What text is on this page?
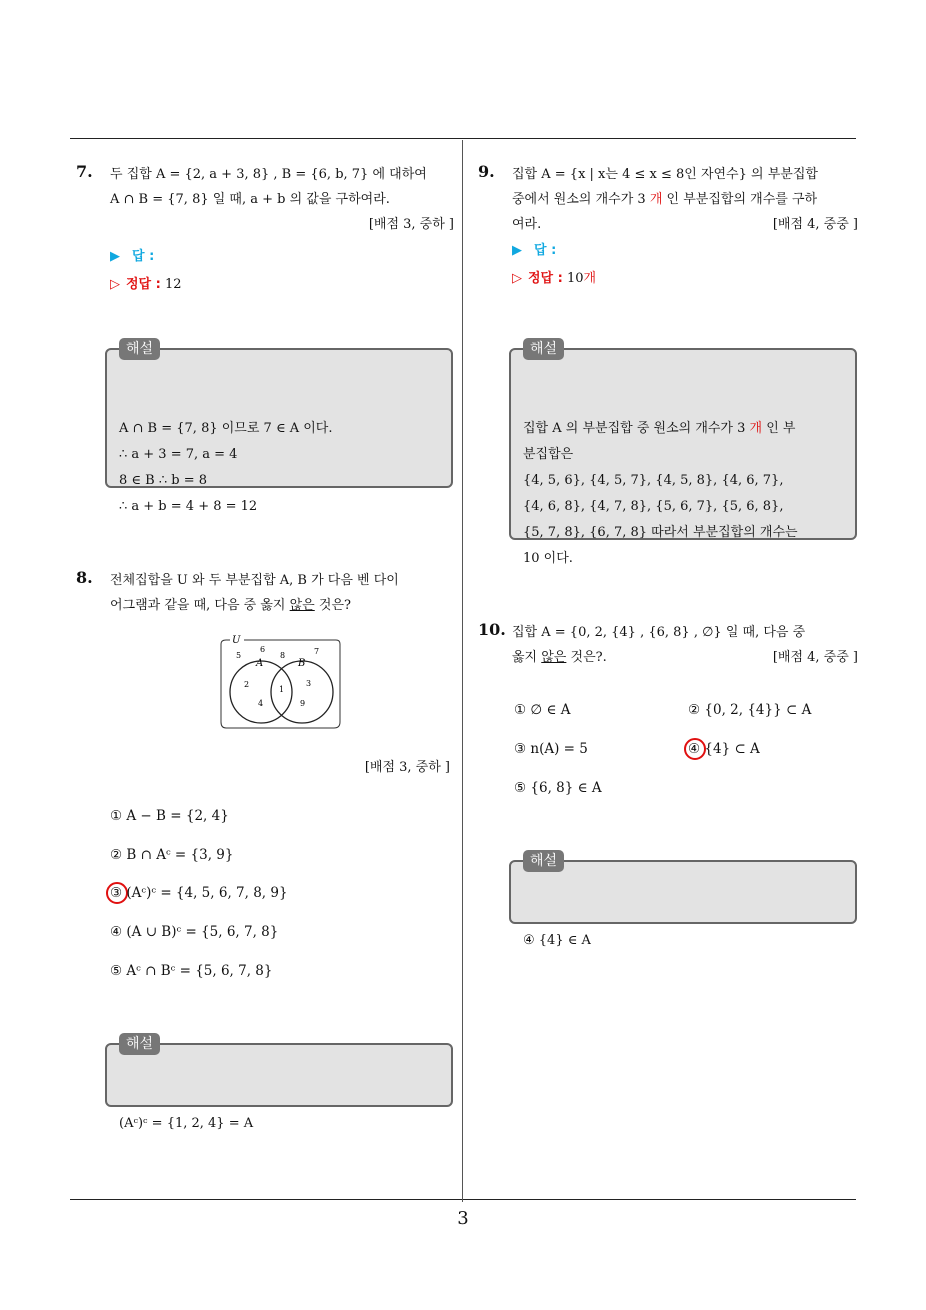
7. 두 집합 A = {2, a + 3, 8} , B = {6, b, 7} 에 대하여
A ∩ B = {7, 8} 일 때, a + b 의 값을 구하여라.
[배점 3, 중하 ]
▶ 답 :
▷ 정답 : 12

해설

A ∩ B = {7, 8} 이므로 7 ∈ A 이다.
∴ a + 3 = 7, a = 4
8 ∈ B ∴ b = 8
∴ a + b = 4 + 8 = 12

8. 전체집합을 U 와 두 부분집합 A, B 가 다음 벤 다이
어그램과 같을 때, 다음 중 옳지 않은 것은?
U
A	B
5
6
8	7
2
4
1
3
9
[배점 3, 중하 ]
① A − B = {2, 4}
② B ∩ Aᶜ = {3, 9}
③ (Aᶜ)ᶜ = {4, 5, 6, 7, 8, 9}
④ (A ∪ B)ᶜ = {5, 6, 7, 8}
⑤ Aᶜ ∩ Bᶜ = {5, 6, 7, 8}

해설

(Aᶜ)ᶜ = {1, 2, 4} = A

9. 집합 A = {x | x는 4 ≤ x ≤ 8인 자연수} 의 부분집합
중에서 원소의 개수가 3 개 인 부분집합의 개수를 구하
여라.	[배점 4, 중중 ]
▶ 답 :
▷ 정답 : 10개

해설

집합 A 의 부분집합 중 원소의 개수가 3 개 인 부
분집합은
{4, 5, 6}, {4, 5, 7}, {4, 5, 8}, {4, 6, 7},
{4, 6, 8}, {4, 7, 8}, {5, 6, 7}, {5, 6, 8},
{5, 7, 8}, {6, 7, 8} 따라서 부분집합의 개수는
10 이다.

10. 집합 A = {0, 2, {4} , {6, 8} , ∅} 일 때, 다음 중
옳지 않은 것은?.	[배점 4, 중중 ]
① ∅ ∈ A	② {0, 2, {4}} ⊂ A
③ n(A) = 5	④ {4} ⊂ A
⑤ {6, 8} ∈ A

해설

④ {4} ∈ A

3
